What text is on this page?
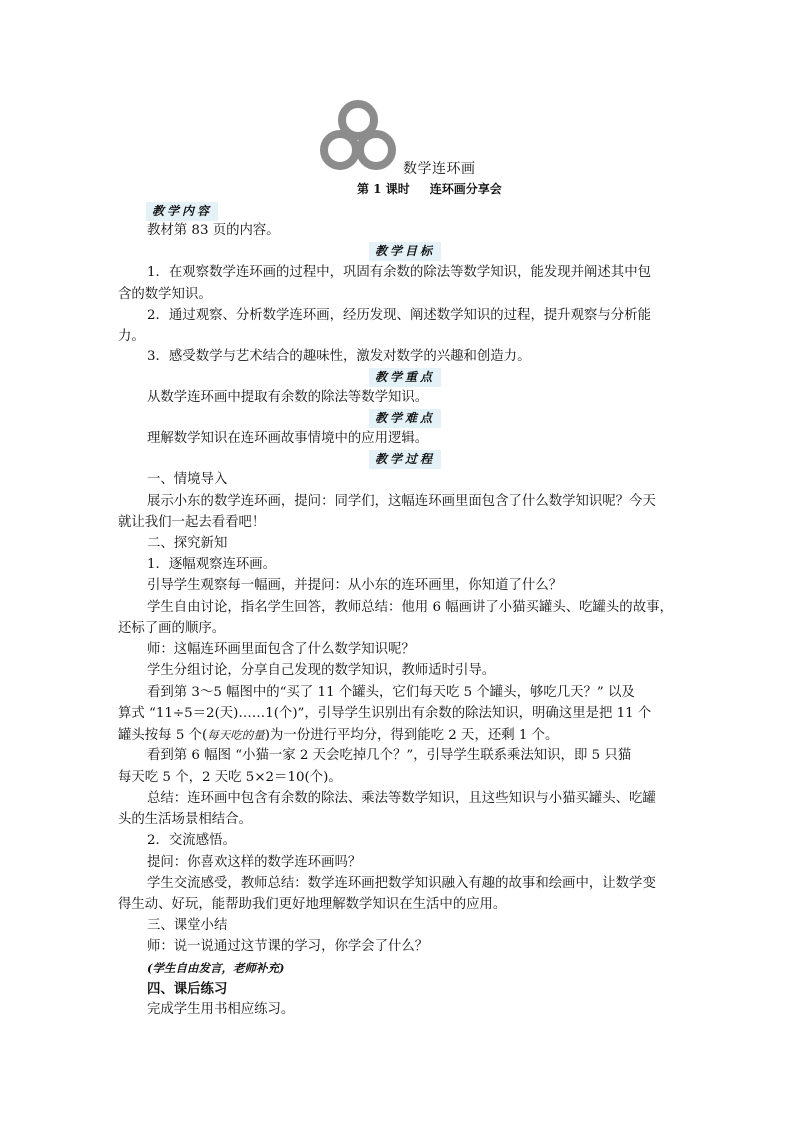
数学连环画
第 1 课时 连环画分享会
教学内容
教材第 83 页的内容。
教学目标
1．在观察数学连环画的过程中，巩固有余数的除法等数学知识，能发现并阐述其中包
含的数学知识。
2．通过观察、分析数学连环画，经历发现、阐述数学知识的过程，提升观察与分析能
力。
3．感受数学与艺术结合的趣味性，激发对数学的兴趣和创造力。
教学重点
从数学连环画中提取有余数的除法等数学知识。
教学难点
理解数学知识在连环画故事情境中的应用逻辑。
教学过程
一、情境导入
展示小东的数学连环画，提问：同学们，这幅连环画里面包含了什么数学知识呢？今天
就让我们一起去看看吧！
二、探究新知
1．逐幅观察连环画。
引导学生观察每一幅画，并提问：从小东的连环画里，你知道了什么？
学生自由讨论，指名学生回答，教师总结：他用 6 幅画讲了小猫买罐头、吃罐头的故事，
还标了画的顺序。
师：这幅连环画里面包含了什么数学知识呢？
学生分组讨论，分享自己发现的数学知识，教师适时引导。
看到第 3～5 幅图中的“买了 11 个罐头，它们每天吃 5 个罐头，够吃几天？” 以及
算式 “11÷5＝2(天)……1(个)”，引导学生识别出有余数的除法知识，明确这里是把 11 个
罐头按每 5 个(每天吃的量)为一份进行平均分，得到能吃 2 天，还剩 1 个。
看到第 6 幅图 “小猫一家 2 天会吃掉几个？”，引导学生联系乘法知识，即 5 只猫
每天吃 5 个，2 天吃 5×2＝10(个)。
总结：连环画中包含有余数的除法、乘法等数学知识，且这些知识与小猫买罐头、吃罐
头的生活场景相结合。
2．交流感悟。
提问：你喜欢这样的数学连环画吗？
学生交流感受，教师总结：数学连环画把数学知识融入有趣的故事和绘画中，让数学变
得生动、好玩，能帮助我们更好地理解数学知识在生活中的应用。
三、课堂小结
师：说一说通过这节课的学习，你学会了什么？
(学生自由发言，老师补充)
四、课后练习
完成学生用书相应练习。
